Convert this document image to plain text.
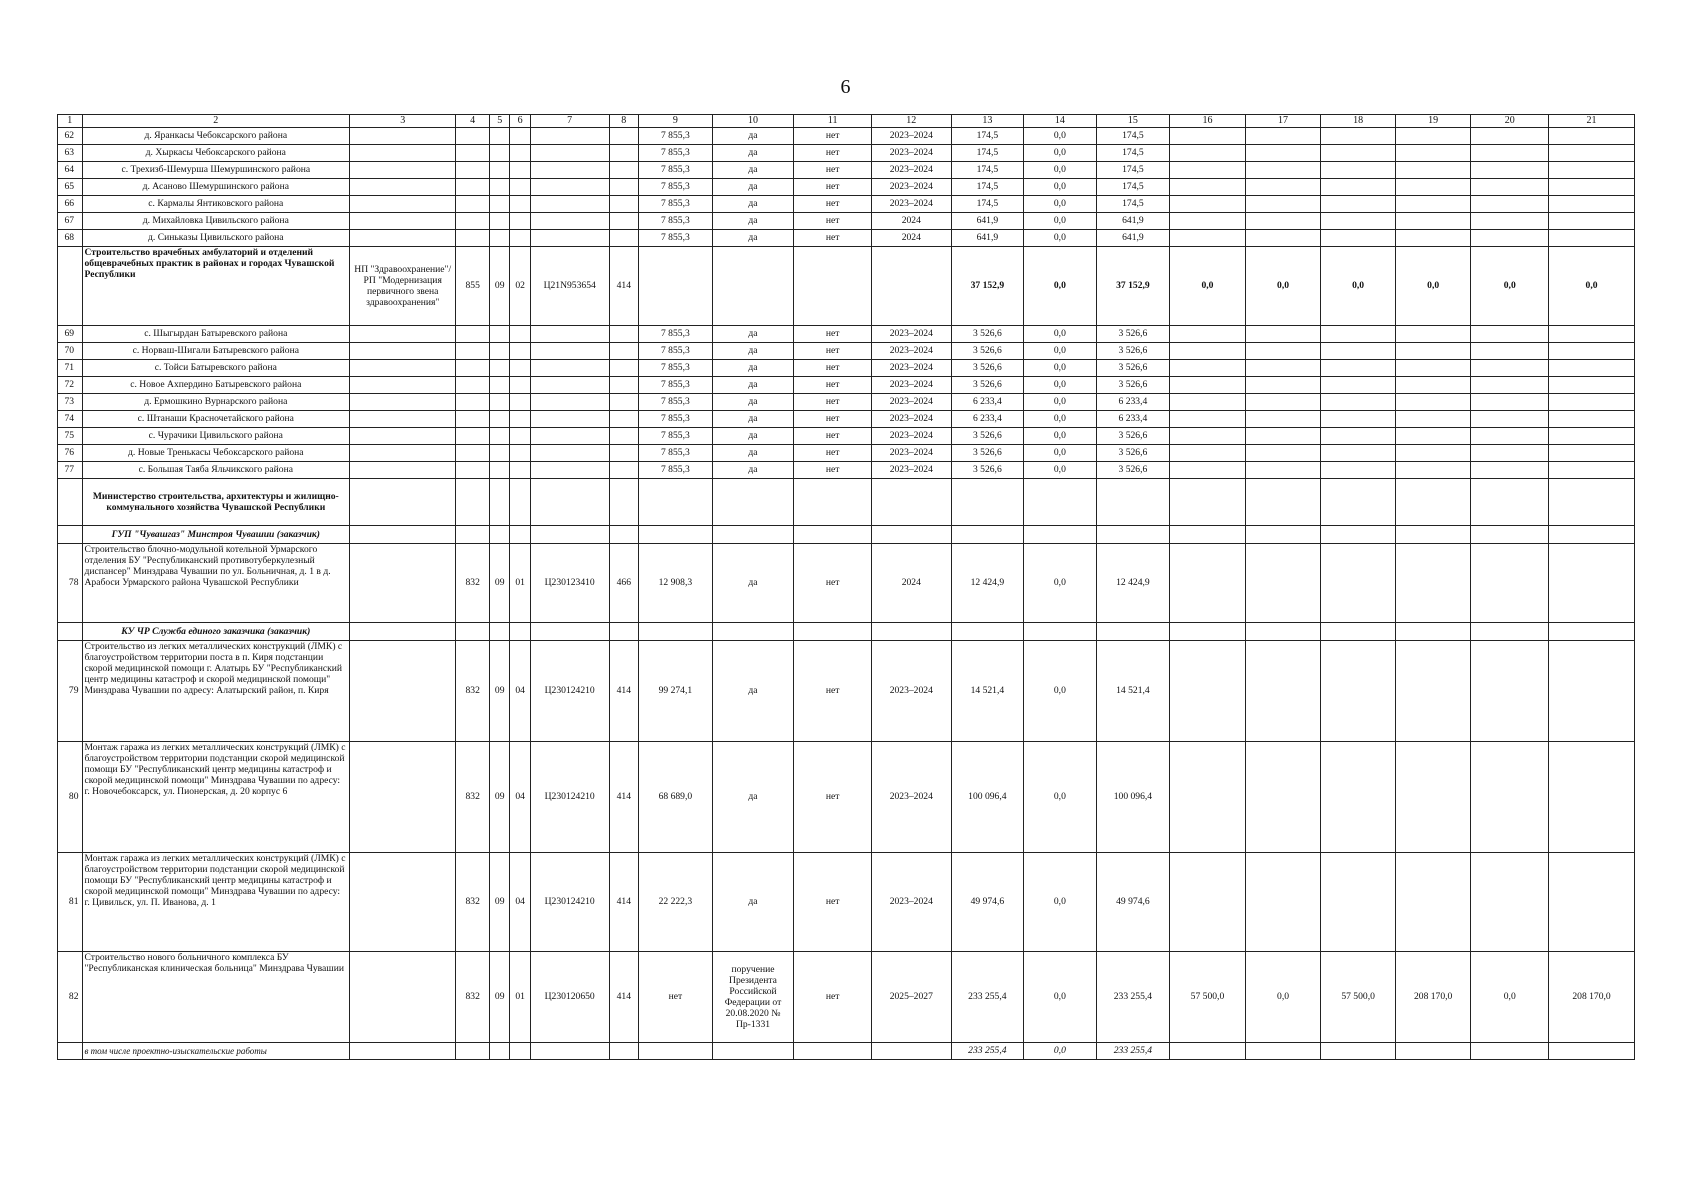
6
1	2	3	4	5	6	7	8	9	10	11	12	13	14	15	16	17	18	19	20	21
62	д. Яранкасы Чебоксарского района							7 855,3	да	нет	2023–2024	174,5	0,0	174,5						
63	д. Хыркасы Чебоксарского района							7 855,3	да	нет	2023–2024	174,5	0,0	174,5						
64	с. Трехизб-Шемурша Шемуршинского района							7 855,3	да	нет	2023–2024	174,5	0,0	174,5						
65	д. Асаново Шемуршинского района							7 855,3	да	нет	2023–2024	174,5	0,0	174,5						
66	с. Кармалы Янтиковского района							7 855,3	да	нет	2023–2024	174,5	0,0	174,5						
67	д. Михайловка Цивильского района							7 855,3	да	нет	2024	641,9	0,0	641,9						
68	д. Синьказы Цивильского района							7 855,3	да	нет	2024	641,9	0,0	641,9						
	Строительство врачебных амбулаторий и отделений общеврачебных практик в районах и городах Чувашской Республики	НП "Здравоохранение"/ РП "Модернизация первичного звена здравоохранения"	855	09	02	Ц21N953654	414					37 152,9	0,0	37 152,9	0,0	0,0	0,0	0,0	0,0	0,0
69	с. Шыгырдан Батыревского района							7 855,3	да	нет	2023–2024	3 526,6	0,0	3 526,6						
70	с. Норваш-Шигали Батыревского района							7 855,3	да	нет	2023–2024	3 526,6	0,0	3 526,6						
71	с. Тойси Батыревского района							7 855,3	да	нет	2023–2024	3 526,6	0,0	3 526,6						
72	с. Новое Ахпердино Батыревского района							7 855,3	да	нет	2023–2024	3 526,6	0,0	3 526,6						
73	д. Ермошкино Вурнарского района							7 855,3	да	нет	2023–2024	6 233,4	0,0	6 233,4						
74	с. Штанаши Красночетайского района							7 855,3	да	нет	2023–2024	6 233,4	0,0	6 233,4						
75	с. Чурачики Цивильского района							7 855,3	да	нет	2023–2024	3 526,6	0,0	3 526,6						
76	д. Новые Тренькасы Чебоксарского района							7 855,3	да	нет	2023–2024	3 526,6	0,0	3 526,6						
77	с. Большая Таяба Яльчикского района							7 855,3	да	нет	2023–2024	3 526,6	0,0	3 526,6						
	Министерство строительства, архитектуры и жилищно-коммунального хозяйства Чувашской Республики																			
	ГУП "Чувашгаз" Минстроя Чувашии (заказчик)																			
78	Строительство блочно-модульной котельной Урмарского отделения БУ "Республиканский противотуберкулезный диспансер" Минздрава Чувашии по ул. Больничная, д. 1 в д. Арабоси Урмарского района Чувашской Республики		832	09	01	Ц230123410	466	12 908,3	да	нет	2024	12 424,9	0,0	12 424,9						
	КУ ЧР Служба единого заказчика (заказчик)																			
79	Строительство из легких металлических конструкций (ЛМК) с благоустройством территории поста в п. Киря подстанции скорой медицинской помощи г. Алатырь БУ "Республиканский центр медицины катастроф и скорой медицинской помощи" Минздрава Чувашии по адресу: Алатырский район, п. Киря		832	09	04	Ц230124210	414	99 274,1	да	нет	2023–2024	14 521,4	0,0	14 521,4						
80	Монтаж гаража из легких металлических конструкций (ЛМК) с благоустройством территории подстанции скорой медицинской помощи БУ "Республиканский центр медицины катастроф и скорой медицинской помощи" Минздрава Чувашии по адресу: г. Новочебоксарск, ул. Пионерская, д. 20 корпус 6		832	09	04	Ц230124210	414	68 689,0	да	нет	2023–2024	100 096,4	0,0	100 096,4						
81	Монтаж гаража из легких металлических конструкций (ЛМК) с благоустройством территории подстанции скорой медицинской помощи БУ "Республиканский центр медицины катастроф и скорой медицинской помощи" Минздрава Чувашии по адресу: г. Цивильск, ул. П. Иванова, д. 1		832	09	04	Ц230124210	414	22 222,3	да	нет	2023–2024	49 974,6	0,0	49 974,6						
82	Строительство нового больничного комплекса БУ "Республиканская клиническая больница" Минздрава Чувашии		832	09	01	Ц230120650	414	нет	поручение Президента Российской Федерации от 20.08.2020 № Пр-1331	нет	2025–2027	233 255,4	0,0	233 255,4	57 500,0	0,0	57 500,0	208 170,0	0,0	208 170,0
	в том числе проектно-изыскательские работы											233 255,4	0,0	233 255,4						
